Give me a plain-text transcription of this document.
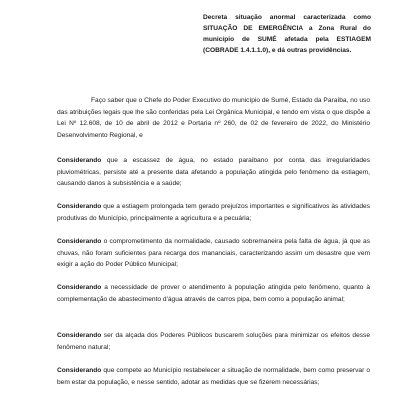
Decreta situação anormal caracterizada como SITUAÇÃO DE EMERGÊNCIA a Zona Rural do município de SUMÉ afetada pela ESTIAGEM (COBRADE 1.4.1.1.0), e dá outras providências.

Faço saber que o Chefe do Poder Executivo do município de Sumé, Estado da Paraíba, no uso das atribuições legais que lhe são conferidas pela Lei Orgânica Municipal, e tendo em vista o que dispõe a Lei Nº 12.608, de 10 de abril de 2012 e Portaria nº 260, de 02 de fevereiro de 2022, do Ministério Desenvolvimento Regional, e

Considerando que a escassez de água, no estado paraibano por conta das irregularidades pluviométricas, persiste até a presente data afetando a população atingida pelo fenômeno da estiagem, causando danos à subsistência e a saúde;

Considerando que a estiagem prolongada tem gerado prejuízos importantes e significativos às atividades produtivas do Município, principalmente a agricultura e a pecuária;

Considerando o comprometimento da normalidade, causado sobremaneira pela falta de água, já que as chuvas, não foram suficientes para recarga dos mananciais, caracterizando assim um desastre que vem exigir a ação do Poder Público Municipal;

Considerando a necessidade de prover o atendimento à população atingida pelo fenômeno, quanto à complementação de abastecimento d'água através de carros pipa, bem como a população animal;

Considerando ser da alçada dos Poderes Públicos buscarem soluções para minimizar os efeitos desse fenômeno natural;

Considerando que compete ao Município restabelecer a situação de normalidade, bem como preservar o bem estar da população, e nesse sentido, adotar as medidas que se fizerem necessárias;
